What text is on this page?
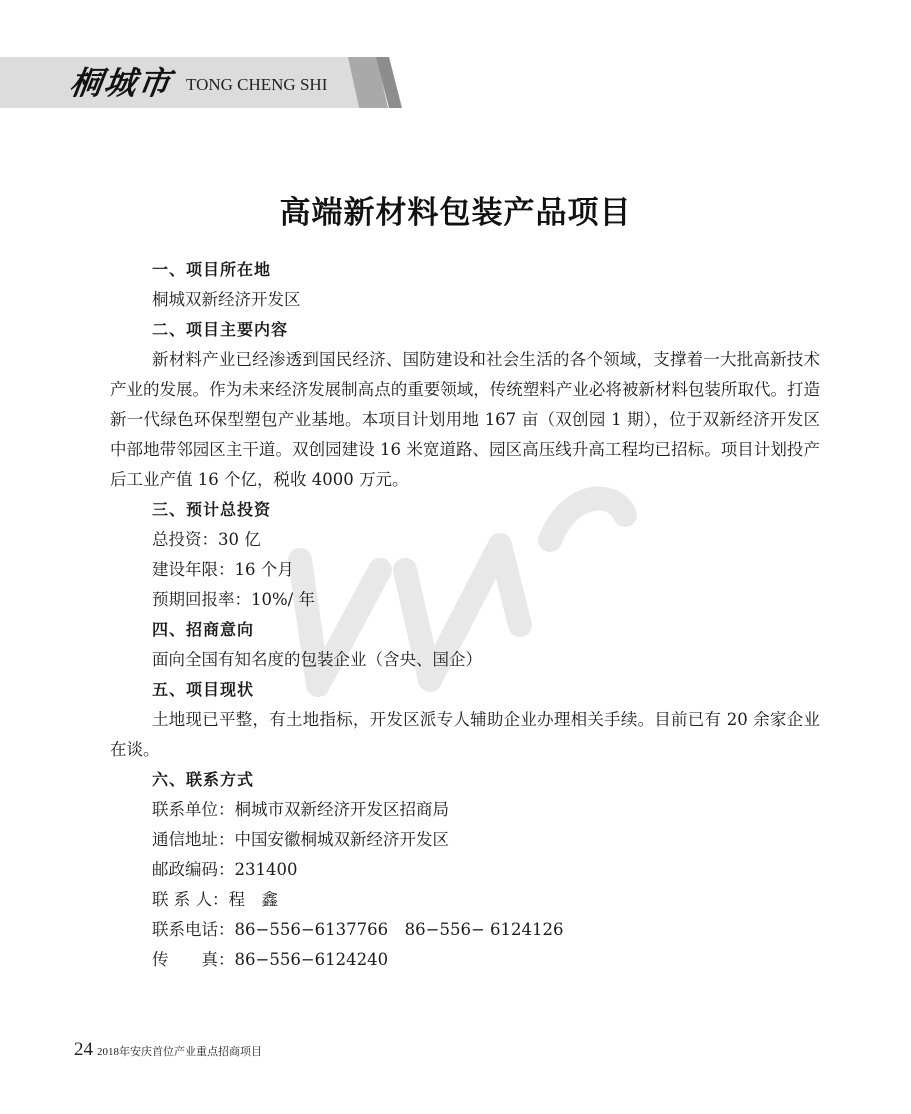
桐城市 TONG CHENG SHI
高端新材料包装产品项目
一、项目所在地
桐城双新经济开发区
二、项目主要内容
新材料产业已经渗透到国民经济、国防建设和社会生活的各个领域，支撑着一大批高新技术产业的发展。作为未来经济发展制高点的重要领域，传统塑料产业必将被新材料包装所取代。打造新一代绿色环保型塑包产业基地。本项目计划用地 167 亩（双创园 1 期），位于双新经济开发区中部地带邻园区主干道。双创园建设 16 米宽道路、园区高压线升高工程均已招标。项目计划投产后工业产值 16 个亿，税收 4000 万元。
三、预计总投资
总投资：30 亿
建设年限：16 个月
预期回报率：10%/ 年
四、招商意向
面向全国有知名度的包装企业（含央、国企）
五、项目现状
土地现已平整，有土地指标，开发区派专人辅助企业办理相关手续。目前已有 20 余家企业在谈。
六、联系方式
联系单位：桐城市双新经济开发区招商局
通信地址：中国安徽桐城双新经济开发区
邮政编码：231400
联 系 人：程　鑫
联系电话：86−556−6137766　86−556− 6124126
传　　真：86−556−6124240
24 2018年安庆首位产业重点招商项目
